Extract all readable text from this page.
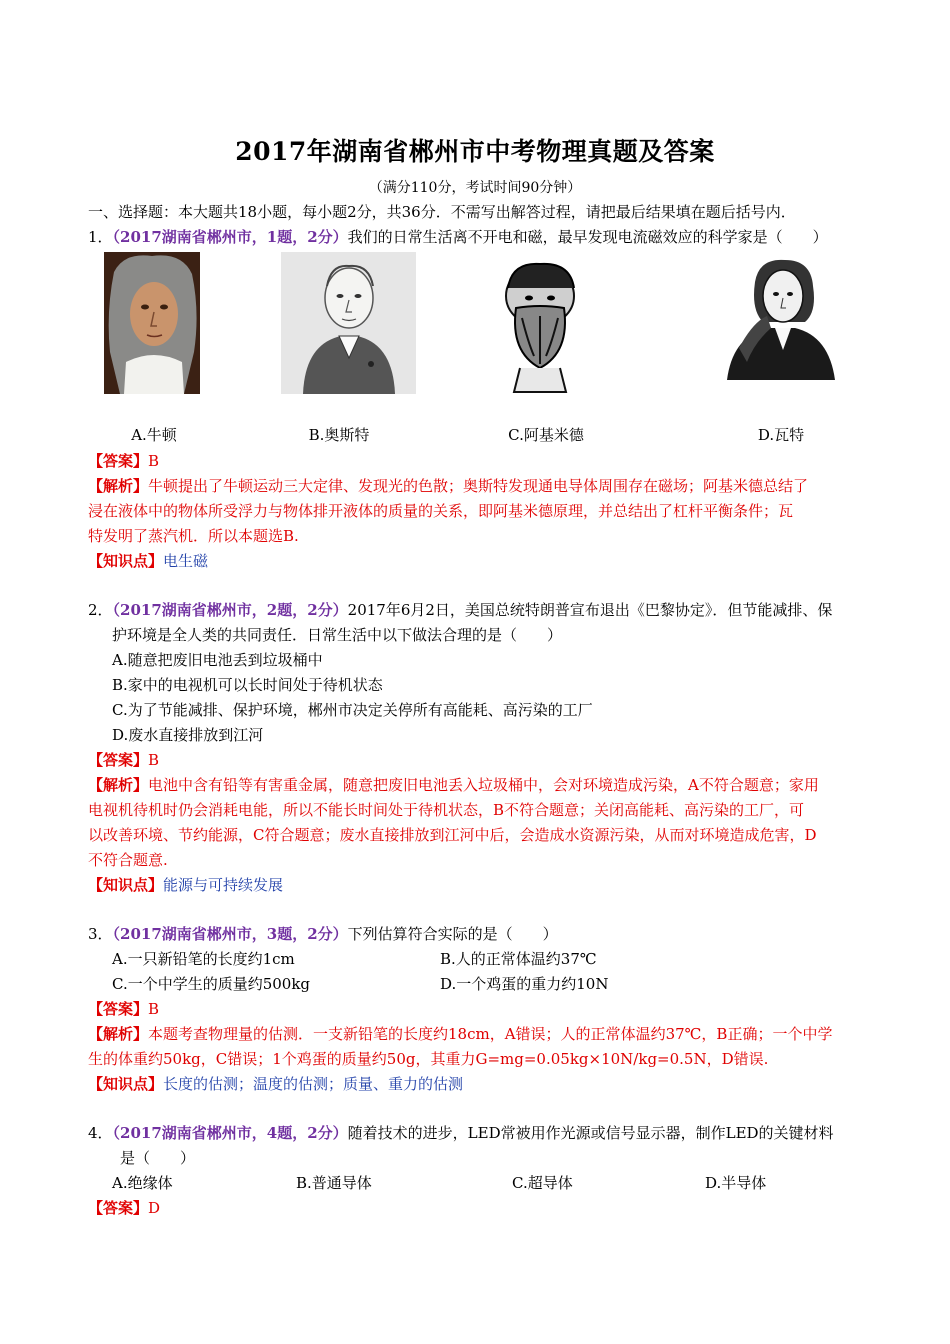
2017年湖南省郴州市中考物理真题及答案
（满分110分，考试时间90分钟）
一、选择题：本大题共18小题，每小题2分，共36分．不需写出解答过程，请把最后结果填在题后括号内．
1．（2017湖南省郴州市，1题，2分）我们的日常生活离不开电和磁，最早发现电流磁效应的科学家是（　　）
A.牛顿	B.奥斯特	C.阿基米德	D.瓦特
【答案】B
【解析】牛顿提出了牛顿运动三大定律、发现光的色散；奥斯特发现通电导体周围存在磁场；阿基米德总结了
浸在液体中的物体所受浮力与物体排开液体的质量的关系，即阿基米德原理，并总结出了杠杆平衡条件；瓦
特发明了蒸汽机．所以本题选B.
【知识点】电生磁
2．（2017湖南省郴州市，2题，2分）2017年6月2日，美国总统特朗普宣布退出《巴黎协定》．但节能减排、保
护环境是全人类的共同责任．日常生活中以下做法合理的是（　　）
A.随意把废旧电池丢到垃圾桶中
B.家中的电视机可以长时间处于待机状态
C.为了节能减排、保护环境，郴州市决定关停所有高能耗、高污染的工厂
D.废水直接排放到江河
【答案】B
【解析】电池中含有铅等有害重金属，随意把废旧电池丢入垃圾桶中，会对环境造成污染，A不符合题意；家用
电视机待机时仍会消耗电能，所以不能长时间处于待机状态，B不符合题意；关闭高能耗、高污染的工厂，可
以改善环境、节约能源，C符合题意；废水直接排放到江河中后，会造成水资源污染，从而对环境造成危害，D
不符合题意.
【知识点】能源与可持续发展
3．（2017湖南省郴州市，3题，2分）下列估算符合实际的是（　　）
A.一只新铅笔的长度约1cm	B.人的正常体温约37℃
C.一个中学生的质量约500kg	D.一个鸡蛋的重力约10N
【答案】B
【解析】本题考查物理量的估测．一支新铅笔的长度约18cm，A错误；人的正常体温约37℃，B正确；一个中学
生的体重约50kg，C错误；1个鸡蛋的质量约50g，其重力G=mg=0.05kg×10N/kg=0.5N，D错误.
【知识点】长度的估测；温度的估测；质量、重力的估测
4．（2017湖南省郴州市，4题，2分）随着技术的进步，LED常被用作光源或信号显示器，制作LED的关键材料
是（　　）
A.绝缘体	B.普通导体	C.超导体	D.半导体
【答案】D
